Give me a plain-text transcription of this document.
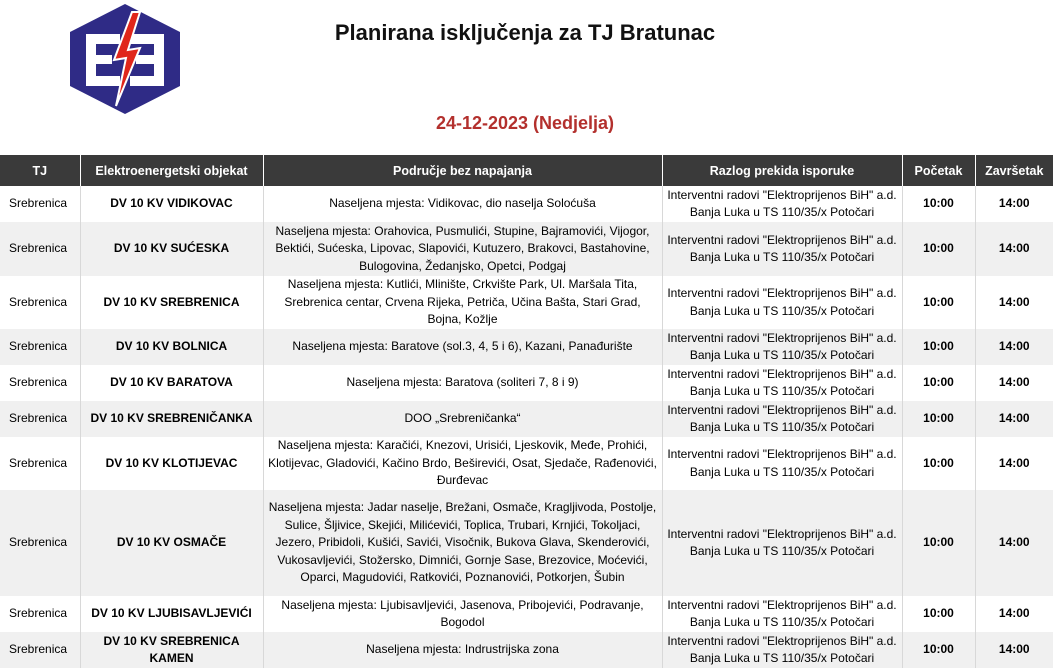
Planirana isključenja za TJ Bratunac
24-12-2023 (Nedjelja)
TJ	Elektroenergetski objekat	Područje bez napajanja	Razlog prekida isporuke	Početak	Završetak
Srebrenica	DV 10 KV VIDIKOVAC	Naseljena mjesta: Vidikovac, dio naselja Soloćuša	Interventni radovi "Elektroprijenos BiH" a.d. Banja Luka u TS 110/35/x Potočari	10:00	14:00
Srebrenica	DV 10 KV SUĆESKA	Naseljena mjesta: Orahovica, Pusmulići, Stupine, Bajramovići, Vijogor, Bektići, Sućeska, Lipovac, Slapovići, Kutuzero, Brakovci, Bastahovine, Bulogovina, Žedanjsko, Opetci, Podgaj	Interventni radovi "Elektroprijenos BiH" a.d. Banja Luka u TS 110/35/x Potočari	10:00	14:00
Srebrenica	DV 10 KV SREBRENICA	Naseljena mjesta: Kutlići, Mlinište, Crkvište Park, Ul. Maršala Tita, Srebrenica centar, Crvena Rijeka, Petriča, Učina Bašta, Stari Grad, Bojna, Kožlje	Interventni radovi "Elektroprijenos BiH" a.d. Banja Luka u TS 110/35/x Potočari	10:00	14:00
Srebrenica	DV 10 KV BOLNICA	Naseljena mjesta: Baratove (sol.3, 4, 5 i 6), Kazani, Panađurište	Interventni radovi "Elektroprijenos BiH" a.d. Banja Luka u TS 110/35/x Potočari	10:00	14:00
Srebrenica	DV 10 KV BARATOVA	Naseljena mjesta: Baratova (soliteri 7, 8 i 9)	Interventni radovi "Elektroprijenos BiH" a.d. Banja Luka u TS 110/35/x Potočari	10:00	14:00
Srebrenica	DV 10 KV SREBRENIČANKA	DOO „Srebreničanka“	Interventni radovi "Elektroprijenos BiH" a.d. Banja Luka u TS 110/35/x Potočari	10:00	14:00
Srebrenica	DV 10 KV KLOTIJEVAC	Naseljena mjesta: Karačići, Knezovi, Urisići, Ljeskovik, Međe, Prohići, Klotijevac, Gladovići, Kačino Brdo, Beširevići, Osat, Sjedače, Rađenovići, Đurđevac	Interventni radovi "Elektroprijenos BiH" a.d. Banja Luka u TS 110/35/x Potočari	10:00	14:00
Srebrenica	DV 10 KV OSMAČE	Naseljena mjesta: Jadar naselje, Brežani, Osmače, Kragljivoda, Postolje, Sulice, Šljivice, Skejići, Milićevići, Toplica, Trubari, Krnjići, Tokoljaci, Jezero, Pribidoli, Kušići, Savići, Visočnik, Bukova Glava, Skenderovići, Vukosavljevići, Stožersko, Dimnići, Gornje Sase, Brezovice, Moćevići, Oparci, Magudovići, Ratkovići, Poznanovići, Potkorjen, Šubin	Interventni radovi "Elektroprijenos BiH" a.d. Banja Luka u TS 110/35/x Potočari	10:00	14:00
Srebrenica	DV 10 KV LJUBISAVLJEVIĆI	Naseljena mjesta: Ljubisavljevići, Jasenova, Pribojevići, Podravanje, Bogodol	Interventni radovi "Elektroprijenos BiH" a.d. Banja Luka u TS 110/35/x Potočari	10:00	14:00
Srebrenica	DV 10 KV SREBRENICA KAMEN	Naseljena mjesta: Indrustrijska zona	Interventni radovi "Elektroprijenos BiH" a.d. Banja Luka u TS 110/35/x Potočari	10:00	14:00
